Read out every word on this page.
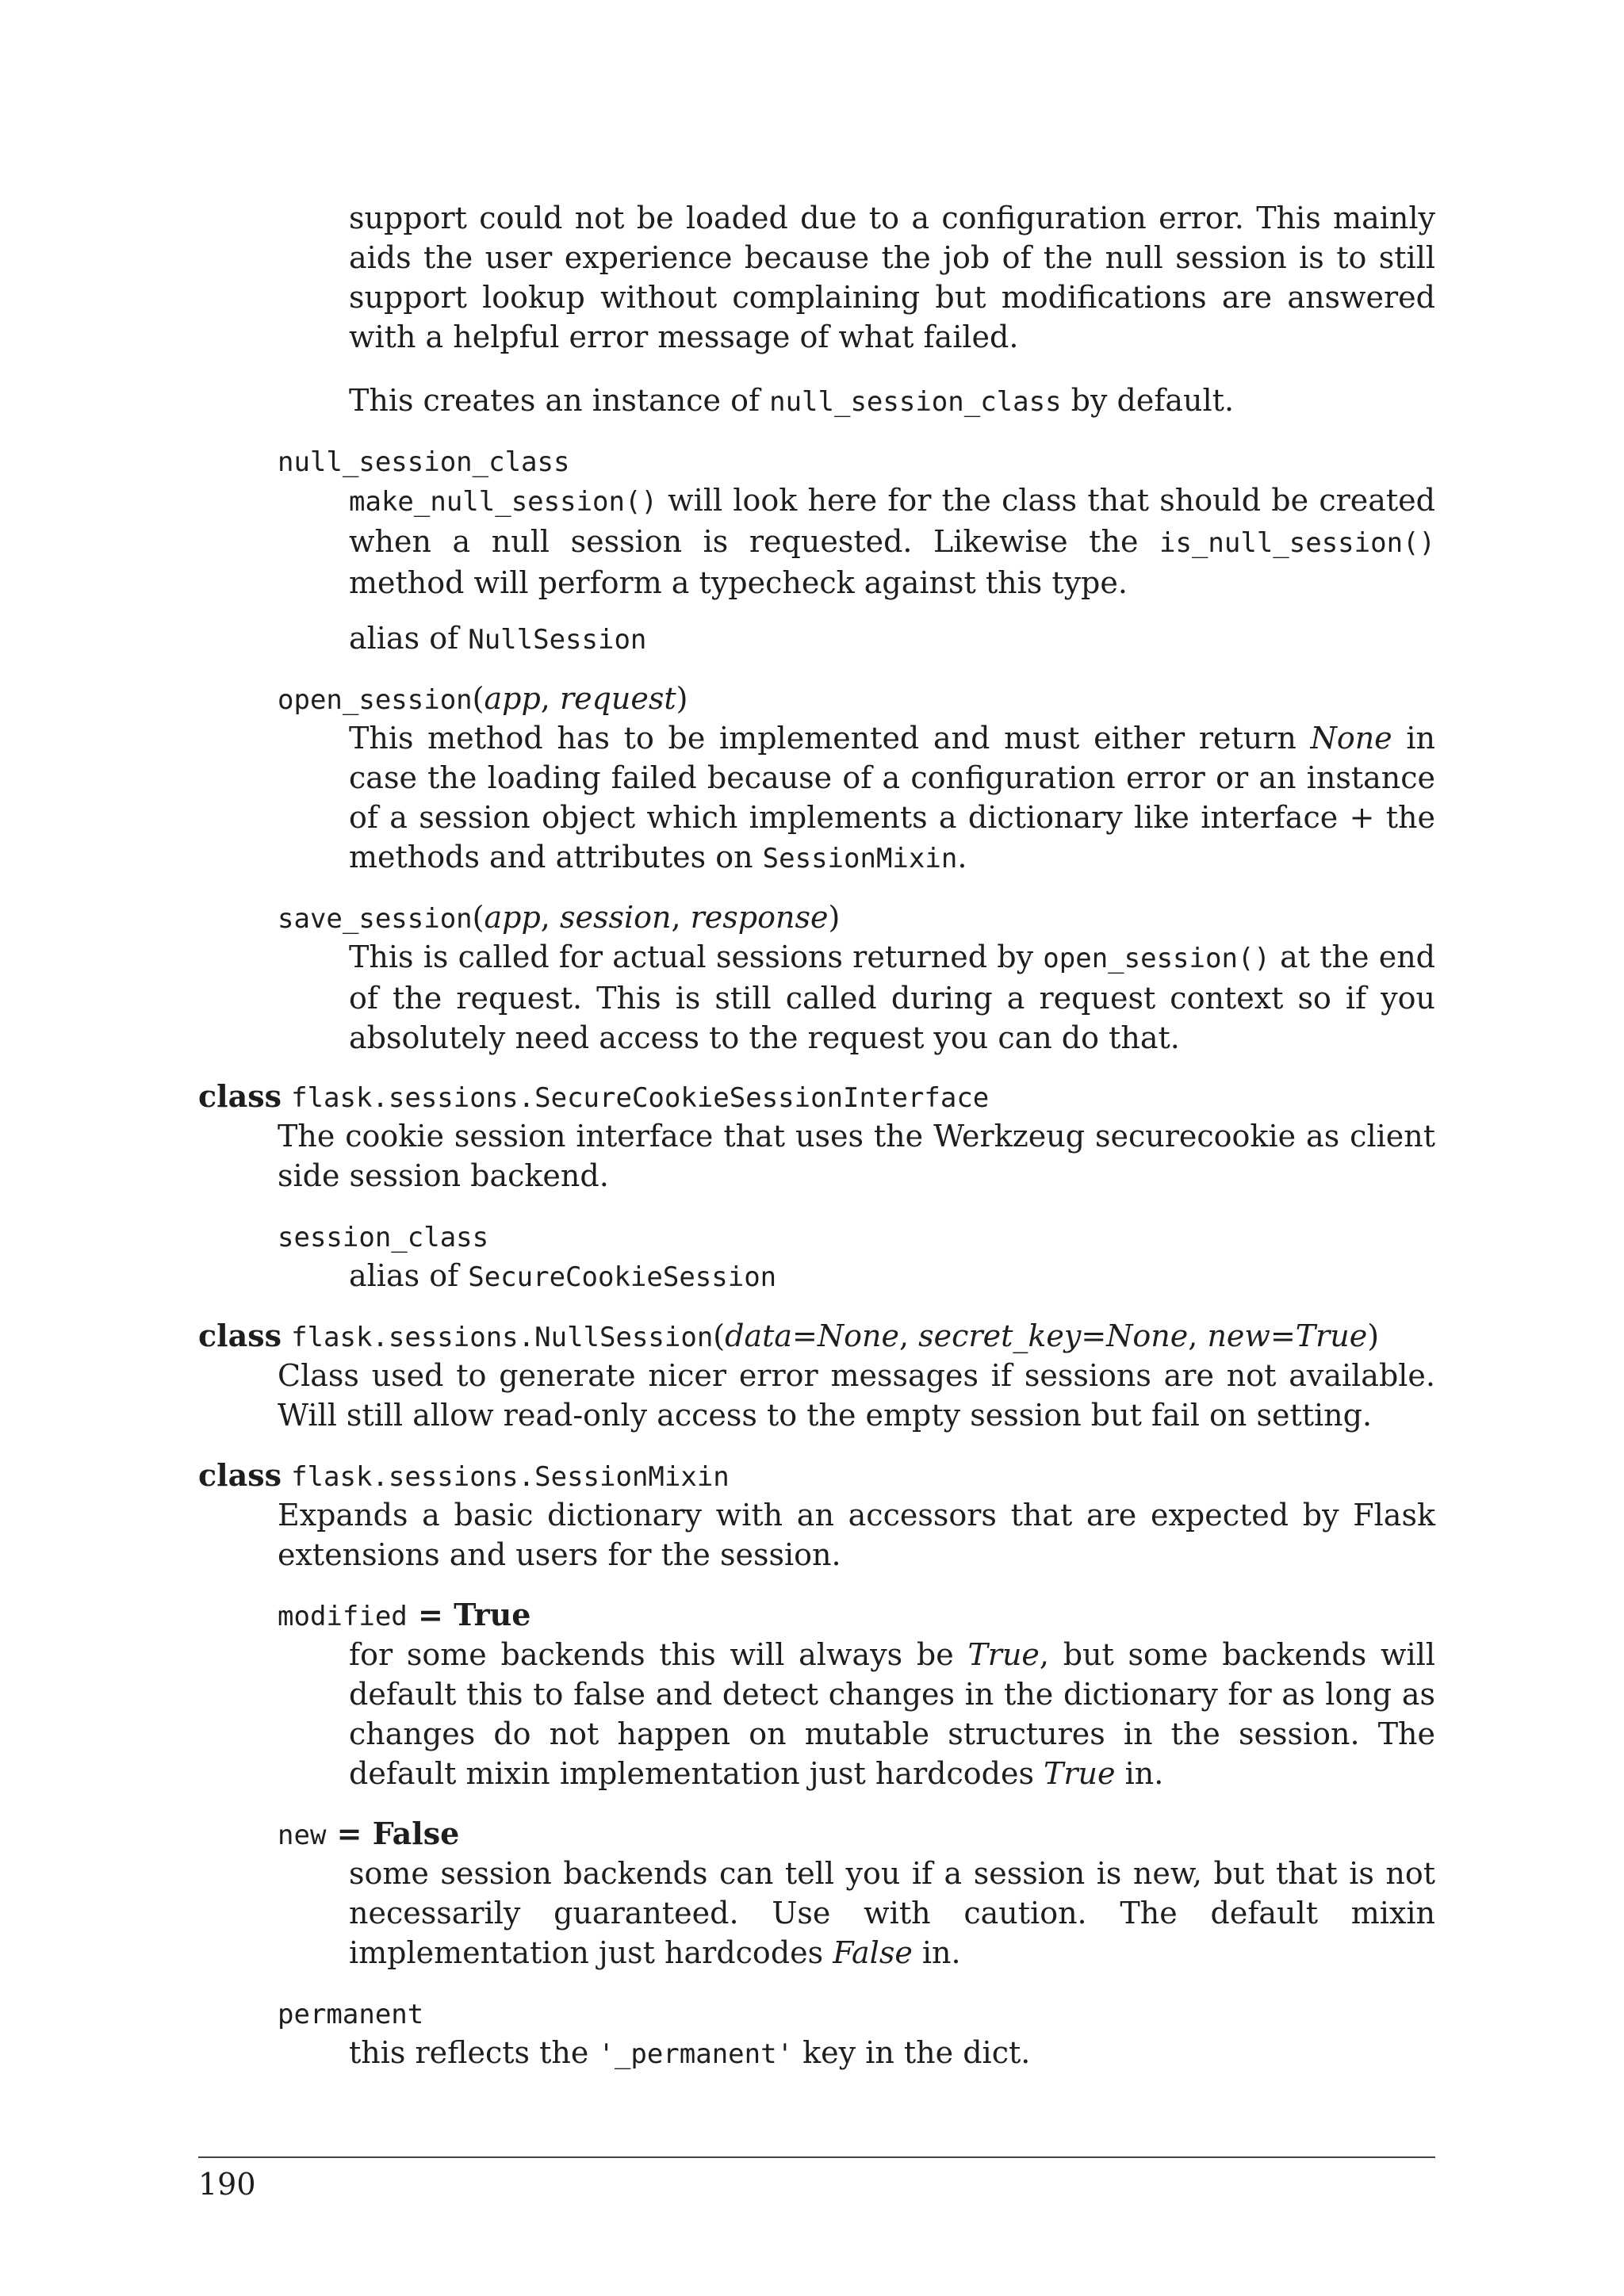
support could not be loaded due to a configuration error. This mainly aids the user experience because the job of the null session is to still support lookup without complaining but modifications are answered with a helpful error message of what failed.
This creates an instance of null_session_class by default.
null_session_class
make_null_session() will look here for the class that should be created when a null session is requested. Likewise the is_null_session() method will perform a typecheck against this type.
alias of NullSession
open_session(app, request)
This method has to be implemented and must either return None in case the loading failed because of a configuration error or an instance of a session object which implements a dictionary like interface + the methods and attributes on SessionMixin.
save_session(app, session, response)
This is called for actual sessions returned by open_session() at the end of the request. This is still called during a request context so if you absolutely need access to the request you can do that.
class flask.sessions.SecureCookieSessionInterface
The cookie session interface that uses the Werkzeug securecookie as client side session backend.
session_class
alias of SecureCookieSession
class flask.sessions.NullSession(data=None, secret_key=None, new=True)
Class used to generate nicer error messages if sessions are not available. Will still allow read-only access to the empty session but fail on setting.
class flask.sessions.SessionMixin
Expands a basic dictionary with an accessors that are expected by Flask extensions and users for the session.
modified = True
for some backends this will always be True, but some backends will default this to false and detect changes in the dictionary for as long as changes do not happen on mutable structures in the session. The default mixin implementation just hardcodes True in.
new = False
some session backends can tell you if a session is new, but that is not necessarily guaranteed. Use with caution. The default mixin implementation just hardcodes False in.
permanent
this reflects the '_permanent' key in the dict.
190
